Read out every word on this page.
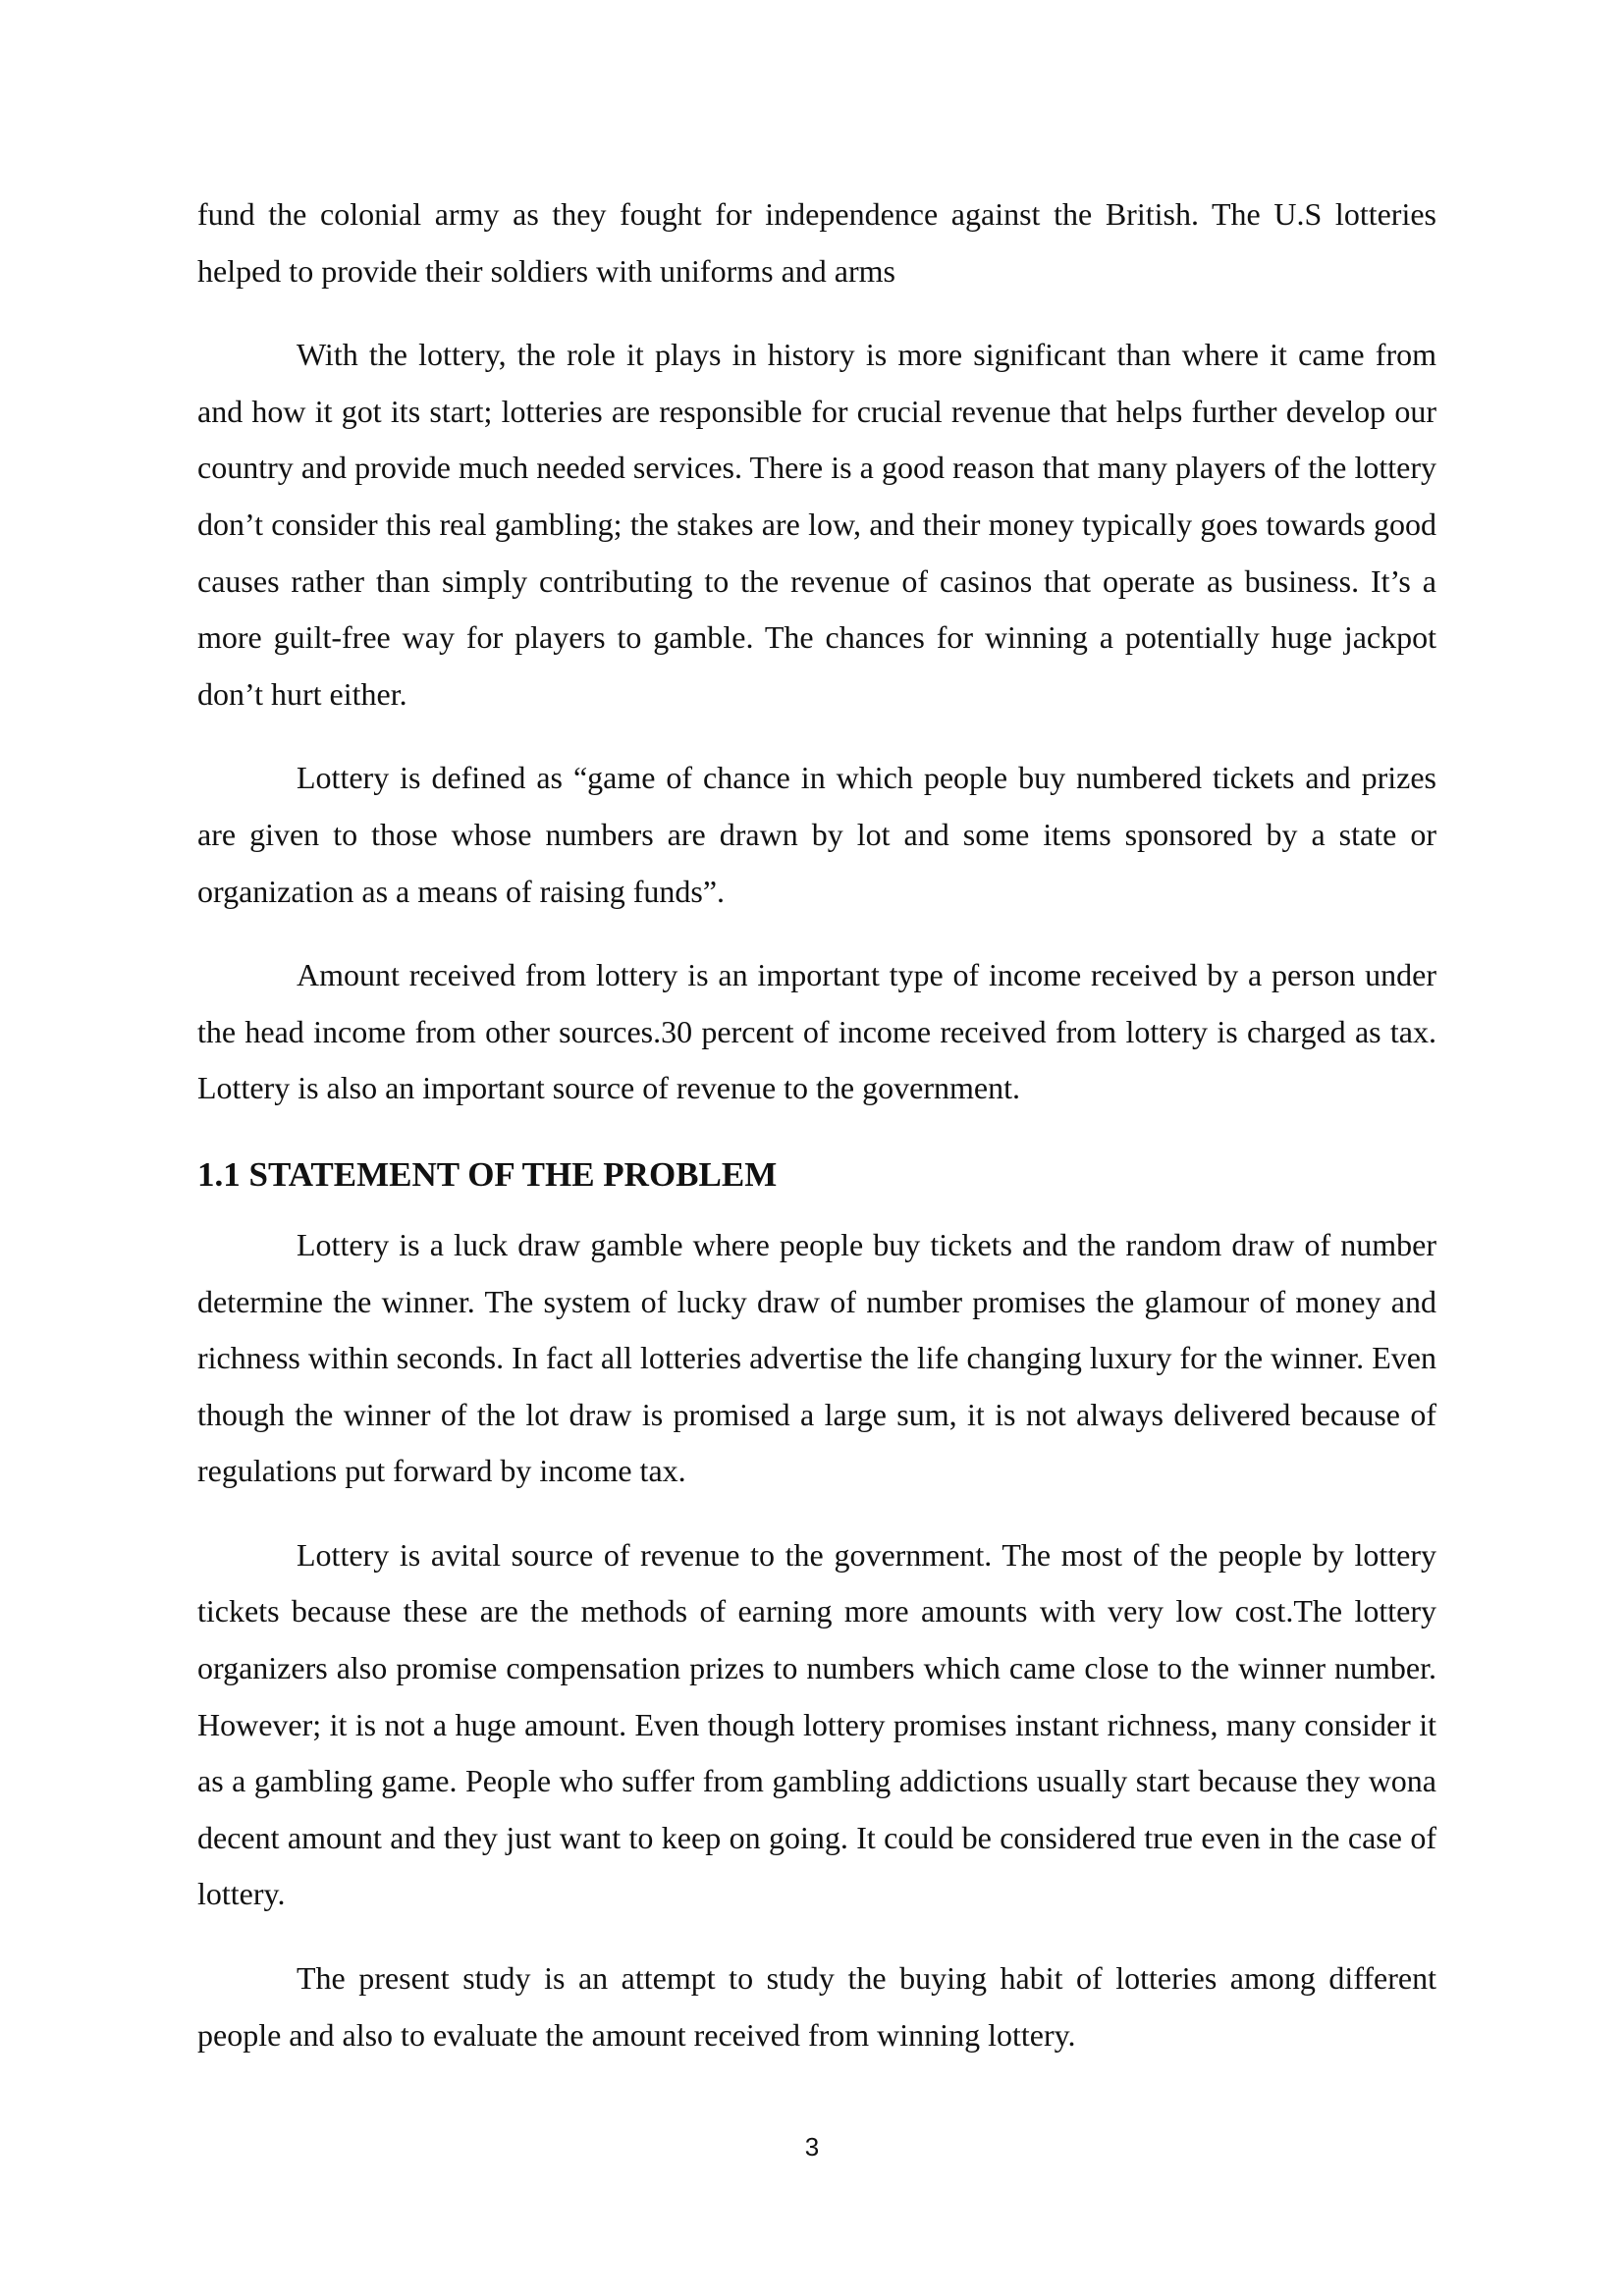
fund the colonial army as they fought for independence against the British. The U.S lotteries helped to provide their soldiers with uniforms and arms

With the lottery, the role it plays in history is more significant than where it came from and how it got its start; lotteries are responsible for crucial revenue that helps further develop our country and provide much needed services. There is a good reason that many players of the lottery don’t consider this real gambling; the stakes are low, and their money typically goes towards good causes rather than simply contributing to the revenue of casinos that operate as business. It’s a more guilt-free way for players to gamble. The chances for winning a potentially huge jackpot don’t hurt either.

Lottery is defined as “game of chance in which people buy numbered tickets and prizes are given to those whose numbers are drawn by lot and some items sponsored by a state or organization as a means of raising funds”.

Amount received from lottery is an important type of income received by a person under the head income from other sources.30 percent of income received from lottery is charged as tax. Lottery is also an important source of revenue to the government.

1.1 STATEMENT OF THE PROBLEM

Lottery is a luck draw gamble where people buy tickets and the random draw of number determine the winner. The system of lucky draw of number promises the glamour of money and richness within seconds. In fact all lotteries advertise the life changing luxury for the winner. Even though the winner of the lot draw is promised a large sum, it is not always delivered because of regulations put forward by income tax.

Lottery is avital source of revenue to the government. The most of the people by lottery tickets because these are the methods of earning more amounts with very low cost.The lottery organizers also promise compensation prizes to numbers which came close to the winner number. However; it is not a huge amount. Even though lottery promises instant richness, many consider it as a gambling game. People who suffer from gambling addictions usually start because they wona decent amount and they just want to keep on going. It could be considered true even in the case of lottery.

The present study is an attempt to study the buying habit of lotteries among different people and also to evaluate the amount received from winning lottery.

3
